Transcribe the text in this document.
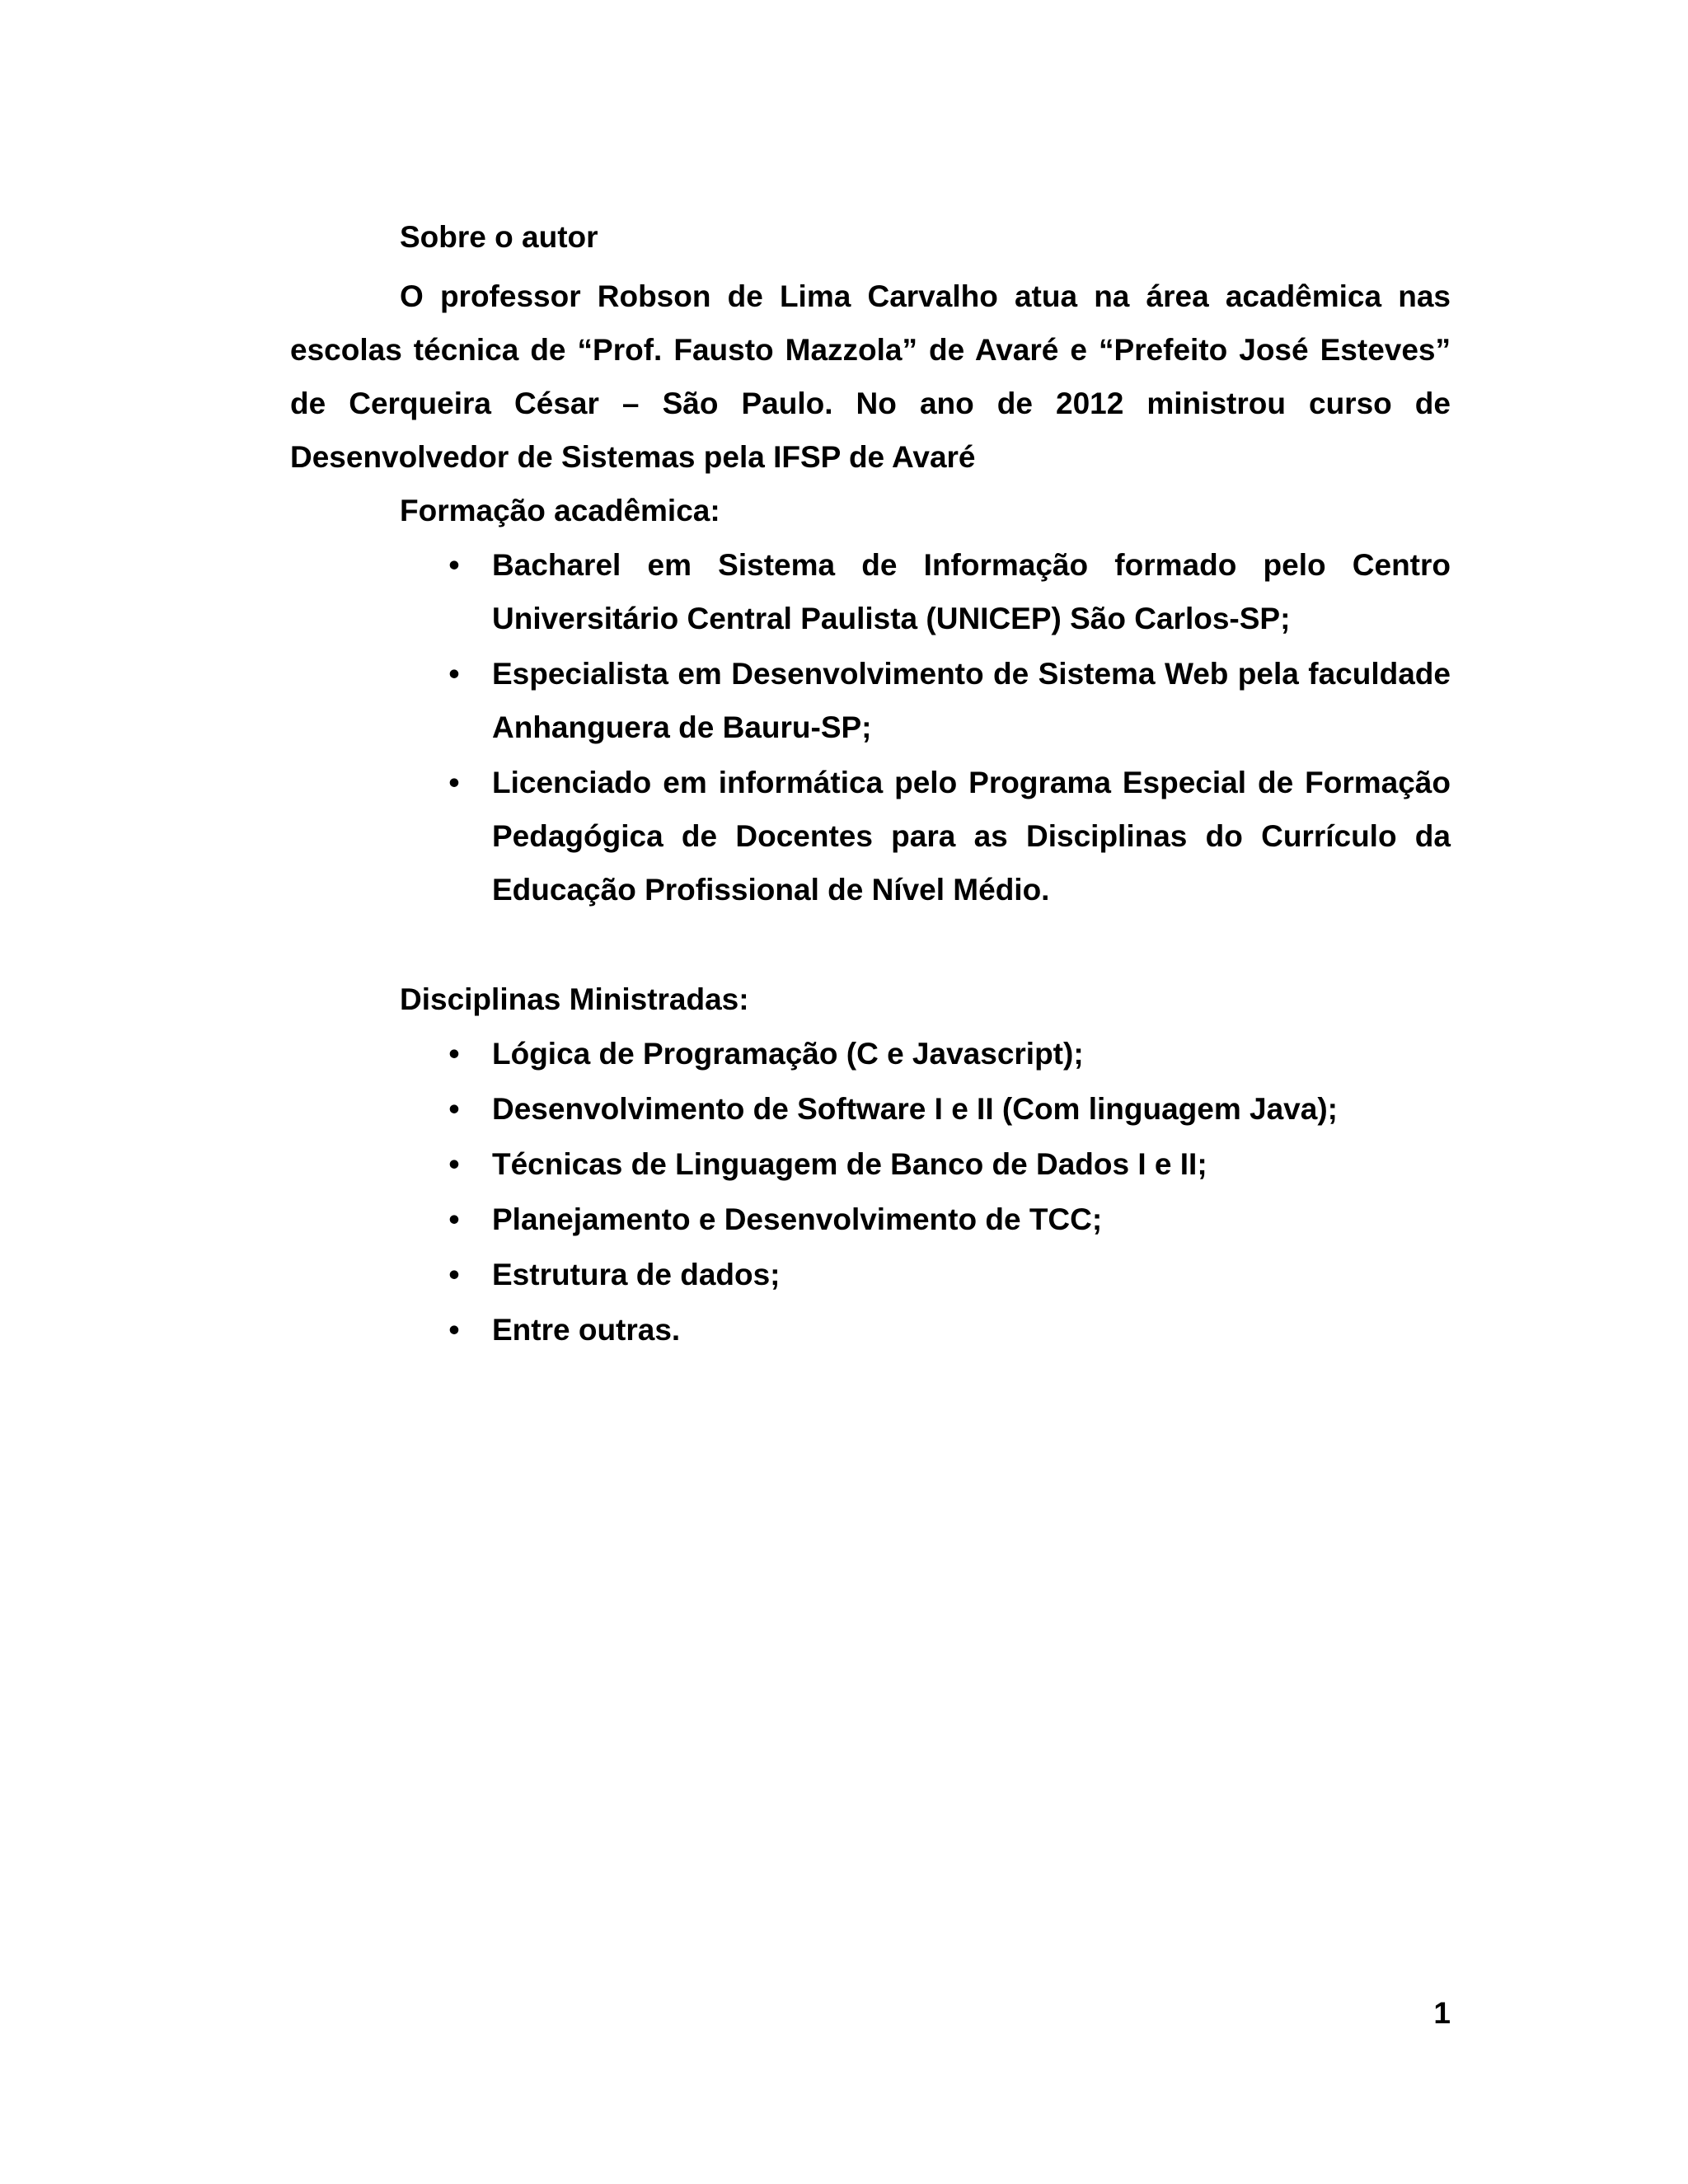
Sobre o autor

O professor Robson de Lima Carvalho atua na área acadêmica nas escolas técnica de “Prof. Fausto Mazzola” de Avaré e “Prefeito José Esteves” de Cerqueira César – São Paulo. No ano de 2012 ministrou curso de Desenvolvedor de Sistemas pela IFSP de Avaré

Formação acadêmica:

•
Bacharel em Sistema de Informação formado pelo Centro Universitário Central Paulista (UNICEP) São Carlos-SP;
•
Especialista em Desenvolvimento de Sistema Web pela faculdade Anhanguera de Bauru-SP;
•
Licenciado em informática pelo Programa Especial de Formação Pedagógica de Docentes para as Disciplinas do Currículo da Educação Profissional de Nível Médio.

Disciplinas Ministradas:

•
Lógica de Programação (C e Javascript);
•
Desenvolvimento de Software I e II (Com linguagem Java);
•
Técnicas de Linguagem de Banco de Dados I e II;
•
Planejamento e Desenvolvimento de TCC;
•
Estrutura de dados;
•
Entre outras.
1
